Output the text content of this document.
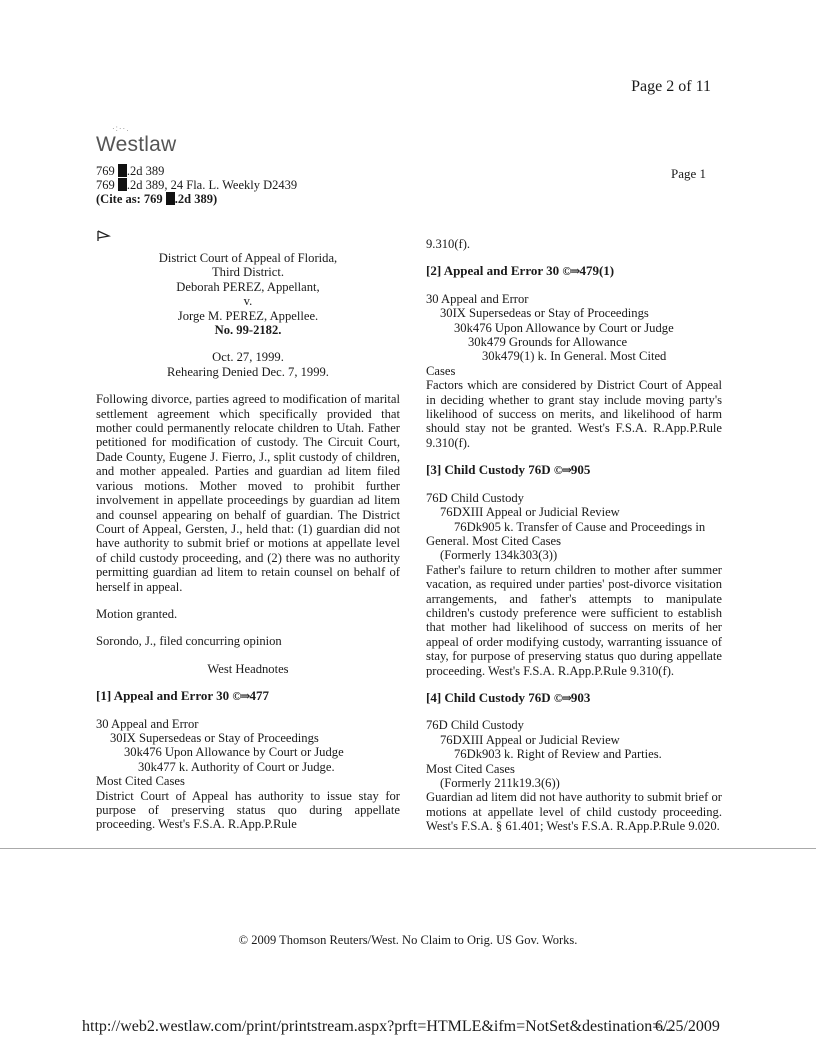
Page 2 of 11
·:··.
Westlaw
769 .2d 389
769 .2d 389, 24 Fla. L. Weekly D2439
(Cite as: 769 .2d 389)
Page 1

District Court of Appeal of Florida,

Third District.

Deborah PEREZ, Appellant,

v.

Jorge M. PEREZ, Appellee.

No. 99-2182.

Oct. 27, 1999.

Rehearing Denied Dec. 7, 1999.

Following divorce, parties agreed to modification of marital settlement agreement which specifically provided that mother could permanently relocate children to Utah. Father petitioned for modification of custody. The Circuit Court, Dade County, Eugene J. Fierro, J., split custody of children, and mother appealed. Parties and guardian ad litem filed various motions. Mother moved to prohibit further involvement in appellate proceedings by guardian ad litem and counsel appearing on behalf of guardian. The District Court of Appeal, Gersten, J., held that: (1) guardian did not have authority to submit brief or motions at appellate level of child custody proceeding, and (2) there was no authority permitting guardian ad litem to retain counsel on behalf of herself in appeal.

Motion granted.

Sorondo, J., filed concurring opinion

West Headnotes

[1] Appeal and Error 30 ©⇒477

30 Appeal and Error

30IX Supersedeas or Stay of Proceedings

30k476 Upon Allowance by Court or Judge

30k477 k. Authority of Court or Judge.

Most Cited Cases

District Court of Appeal has authority to issue stay for purpose of preserving status quo during appellate proceeding. West's F.S.A. R.App.P.Rule

9.310(f).

[2] Appeal and Error 30 ©⇒479(1)

30 Appeal and Error

30IX Supersedeas or Stay of Proceedings

30k476 Upon Allowance by Court or Judge

30k479 Grounds for Allowance

30k479(1) k. In General. Most Cited

Cases

Factors which are considered by District Court of Appeal in deciding whether to grant stay include moving party's likelihood of success on merits, and likelihood of harm should stay not be granted. West's F.S.A. R.App.P.Rule 9.310(f).

[3] Child Custody 76D ©⇒905

76D Child Custody

76DXIII Appeal or Judicial Review

76Dk905 k. Transfer of Cause and Proceedings in General. Most Cited Cases

(Formerly 134k303(3))

Father's failure to return children to mother after summer vacation, as required under parties' post-divorce visitation arrangements, and father's attempts to manipulate children's custody preference were sufficient to establish that mother had likelihood of success on merits of her appeal of order modifying custody, warranting issuance of stay, for purpose of preserving status quo during appellate proceeding. West's F.S.A. R.App.P.Rule 9.310(f).

[4] Child Custody 76D ©⇒903

76D Child Custody

76DXIII Appeal or Judicial Review

76Dk903 k. Right of Review and Parties.

Most Cited Cases

(Formerly 211k19.3(6))

Guardian ad litem did not have authority to submit brief or motions at appellate level of child custody proceeding. West's F.S.A. § 61.401; West's F.S.A. R.App.P.Rule 9.020.

© 2009 Thomson Reuters/West. No Claim to Orig. US Gov. Works.
http://web2.westlaw.com/print/printstream.aspx?prft=HTMLE&ifm=NotSet&destination=...
6/25/2009
